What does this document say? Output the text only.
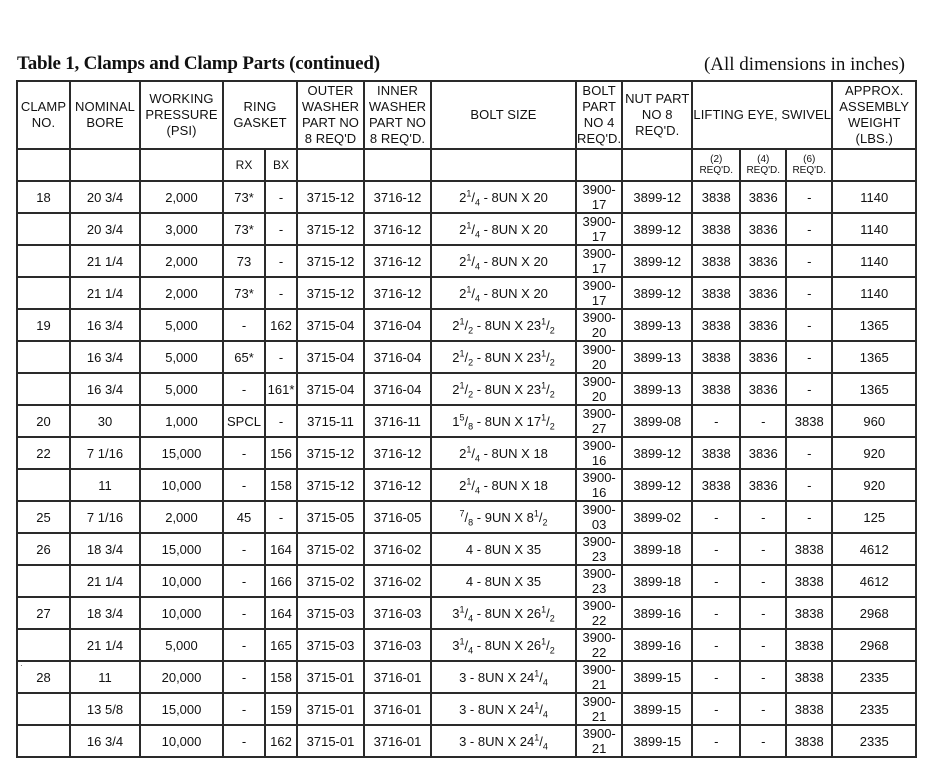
Table 1, Clamps and Clamp Parts (continued)	(All dimensions in inches)
CLAMP NO.	NOMINAL BORE	WORKING PRESSURE (PSI)	RING GASKET		OUTER WASHER PART NO 8 REQ'D	INNER WASHER PART NO 8 REQ'D.	BOLT SIZE	BOLT PART NO 4 REQ'D.	NUT PART NO 8 REQ'D.	LIFTING EYE, SWIVEL			APPROX. ASSEMBLY WEIGHT (LBS.)
			RX	BX						(2) REQ'D.	(4) REQ'D.	(6) REQ'D.	
18	20 3/4	2,000	73*	-	3715-12	3716-12	$2^1/_4 - 8UN$ X 20	3900-17	3899-12	3838	3836	-	1140
	20 3/4	3,000	73*	-	3715-12	3716-12	$2^1/_4 - 8UN$ X 20	3900-17	3899-12	3838	3836	-	1140
	21 1/4	2,000	73	-	3715-12	3716-12	$2^1/_4 - 8UN$ X 20	3900-17	3899-12	3838	3836	-	1140
	21 1/4	2,000	73*	-	3715-12	3716-12	$2^1/_4 - 8UN$ X 20	3900-17	3899-12	3838	3836	-	1140
19	16 3/4	5,000	-	162	3715-04	3716-04	$2^1/_2 - 8UN$ X $23^1/_2$	3900-20	3899-13	3838	3836	-	1365
	16 3/4	5,000	65*	-	3715-04	3716-04	$2^1/_2 - 8UN$ X $23^1/_2$	3900-20	3899-13	3838	3836	-	1365
	16 3/4	5,000	-	161*	3715-04	3716-04	$2^1/_2 - 8UN$ X $23^1/_2$	3900-20	3899-13	3838	3836	-	1365
20	30	1,000	SPCL	-	3715-11	3716-11	$1^5/_8 - 8UN$ X $17^1/_2$	3900-27	3899-08	-	-	3838	960
22	7 1/16	15,000	-	156	3715-12	3716-12	$2^1/_4 - 8UN$ X 18	3900-16	3899-12	3838	3836	-	920
	11	10,000	-	158	3715-12	3716-12	$2^1/_4 - 8UN$ X 18	3900-16	3899-12	3838	3836	-	920
25	7 1/16	2,000	45	-	3715-05	3716-05	$^7/_8 - 9UN$ X $8^1/_2$	3900-03	3899-02	-	-	-	125
26	18 3/4	15,000	-	164	3715-02	3716-02	4 - 8UN X 35	3900-23	3899-18	-	-	3838	4612
	21 1/4	10,000	-	166	3715-02	3716-02	4 - 8UN X 35	3900-23	3899-18	-	-	3838	4612
27	18 3/4	10,000	-	164	3715-03	3716-03	$3^1/_4 - 8UN$ X $26^1/_2$	3900-22	3899-16	-	-	3838	2968
	21 1/4	5,000	-	165	3715-03	3716-03	$3^1/_4 - 8UN$ X $26^1/_2$	3900-22	3899-16	-	-	3838	2968
28	11	20,000	-	158	3715-01	3716-01	3 - 8UN X $24^1/_4$	3900-21	3899-15	-	-	3838	2335
	13 5/8	15,000	-	159	3715-01	3716-01	3 - 8UN X $24^1/_4$	3900-21	3899-15	-	-	3838	2335
	16 3/4	10,000	-	162	3715-01	3716-01	3 - 8UN X $24^1/_4$	3900-21	3899-15	-	-	3838	2335
·
